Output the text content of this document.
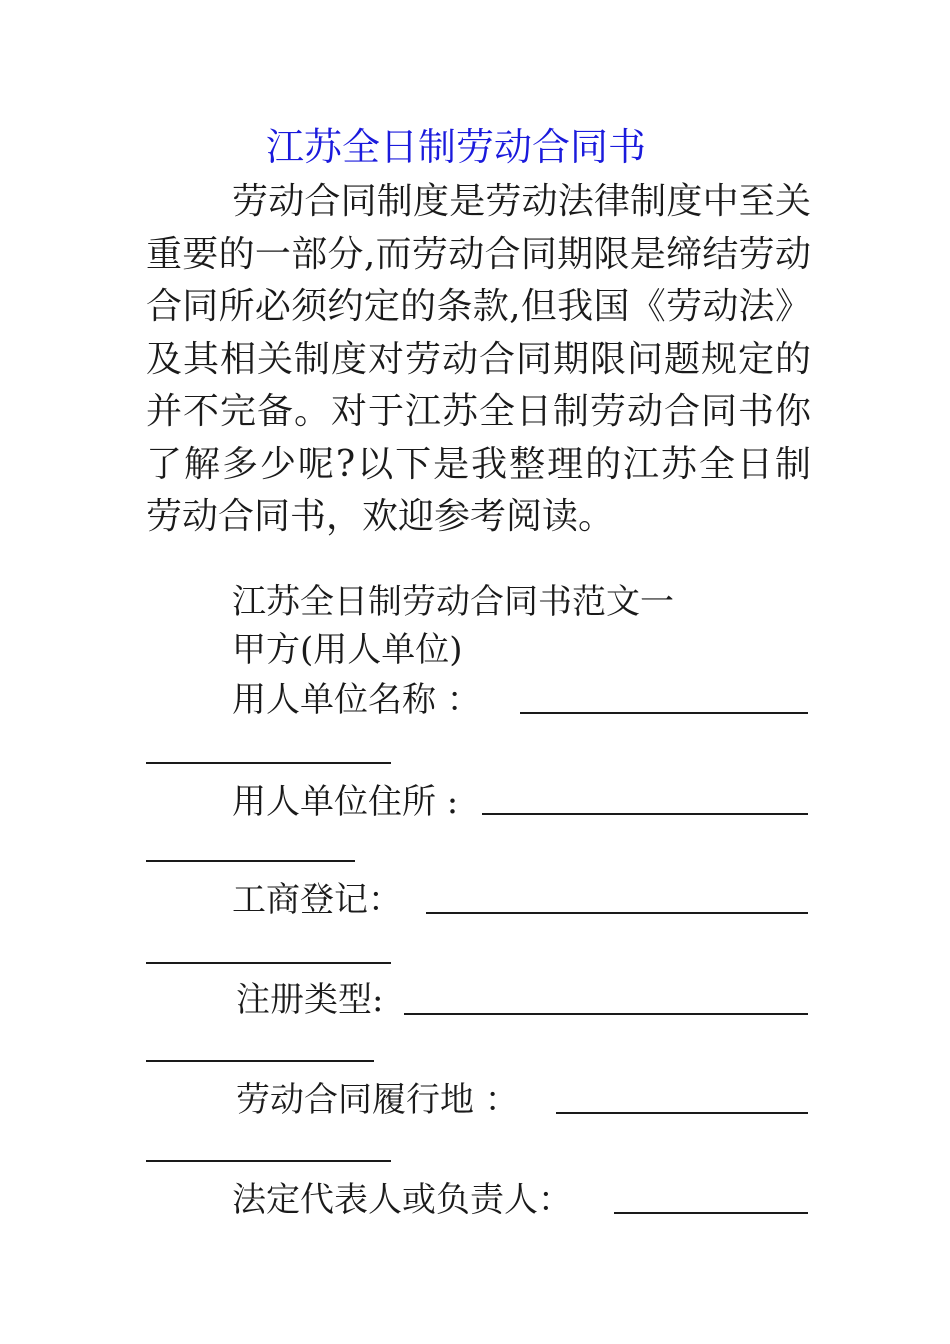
江苏全日制劳动合同书

劳动合同制度是劳动法律制度中至关重要的一部分,而劳动合同期限是缔结劳动合同所必须约定的条款,但我国《劳动法》及其相关制度对劳动合同期限问题规定的并不完备。对于江苏全日制劳动合同书你了解多少呢?以下是我整理的江苏全日制劳动合同书，欢迎参考阅读。

江苏全日制劳动合同书范文一
甲方(用人单位)
用人单位名称 ：
用人单位住所 :
工商登记：
注册类型:
劳动合同履行地 ：
法定代表人或负责人：
